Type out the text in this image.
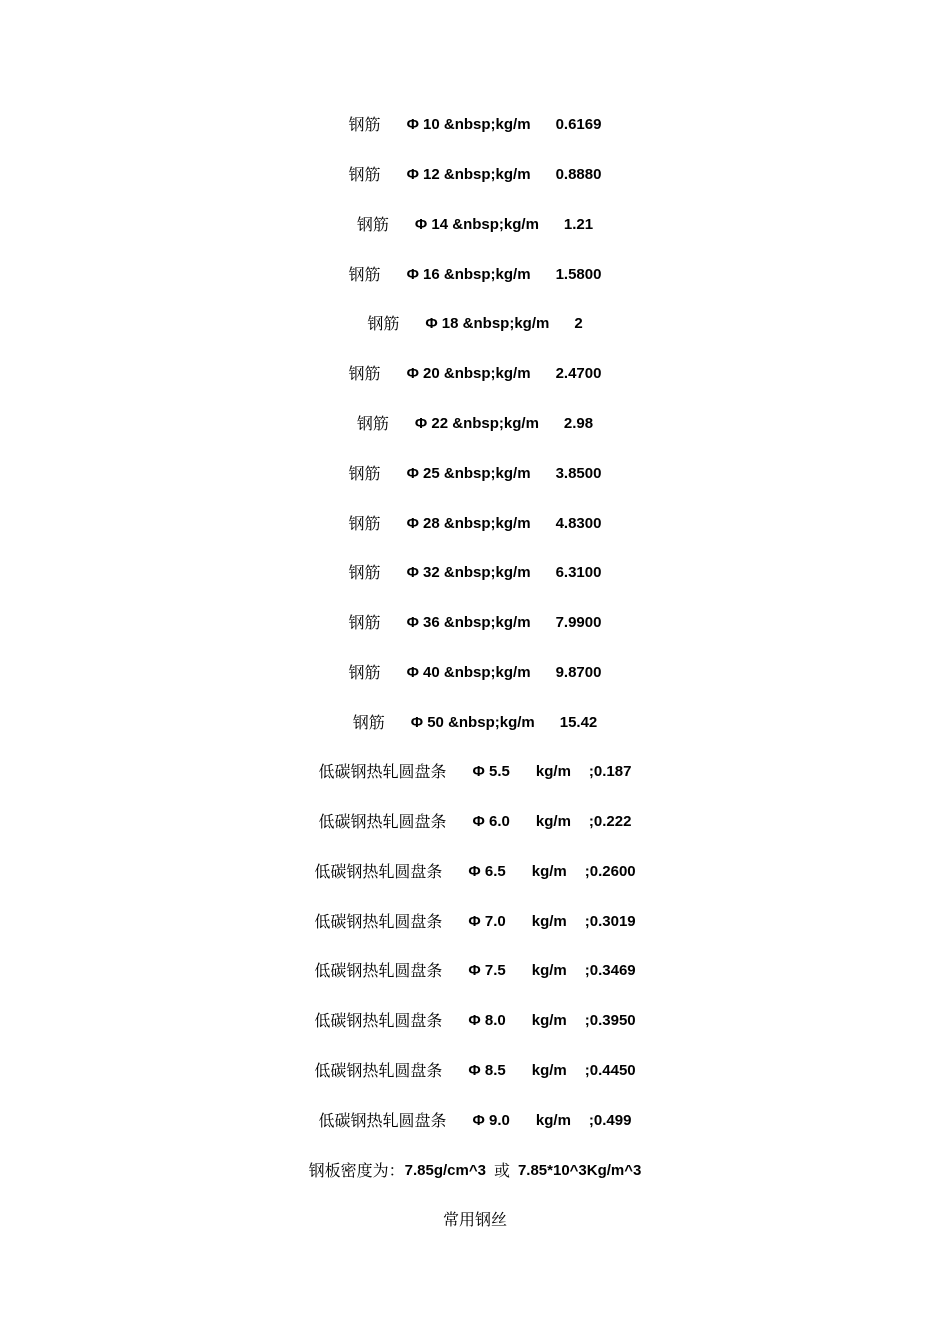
钢筋 Φ 10 &nbsp;kg/m 0.6169
钢筋 Φ 12 &nbsp;kg/m 0.8880
钢筋 Φ 14 &nbsp;kg/m 1.21
钢筋 Φ 16 &nbsp;kg/m 1.5800
钢筋 Φ 18 &nbsp;kg/m 2
钢筋 Φ 20 &nbsp;kg/m 2.4700
钢筋 Φ 22 &nbsp;kg/m 2.98
钢筋 Φ 25 &nbsp;kg/m 3.8500
钢筋 Φ 28 &nbsp;kg/m 4.8300
钢筋 Φ 32 &nbsp;kg/m 6.3100
钢筋 Φ 36 &nbsp;kg/m 7.9900
钢筋 Φ 40 &nbsp;kg/m 9.8700
钢筋 Φ 50 &nbsp;kg/m 15.42
低碳钢热轧圆盘条 Φ 5.5 kg/m ;0.187
低碳钢热轧圆盘条 Φ 6.0 kg/m ;0.222
低碳钢热轧圆盘条 Φ 6.5 kg/m ;0.2600
低碳钢热轧圆盘条 Φ 7.0 kg/m ;0.3019
低碳钢热轧圆盘条 Φ 7.5 kg/m ;0.3469
低碳钢热轧圆盘条 Φ 8.0 kg/m ;0.3950
低碳钢热轧圆盘条 Φ 8.5 kg/m ;0.4450
低碳钢热轧圆盘条 Φ 9.0 kg/m ;0.499
钢板密度为： 7.85g/cm^3 或 7.85*10^3Kg/m^3
常用钢丝
